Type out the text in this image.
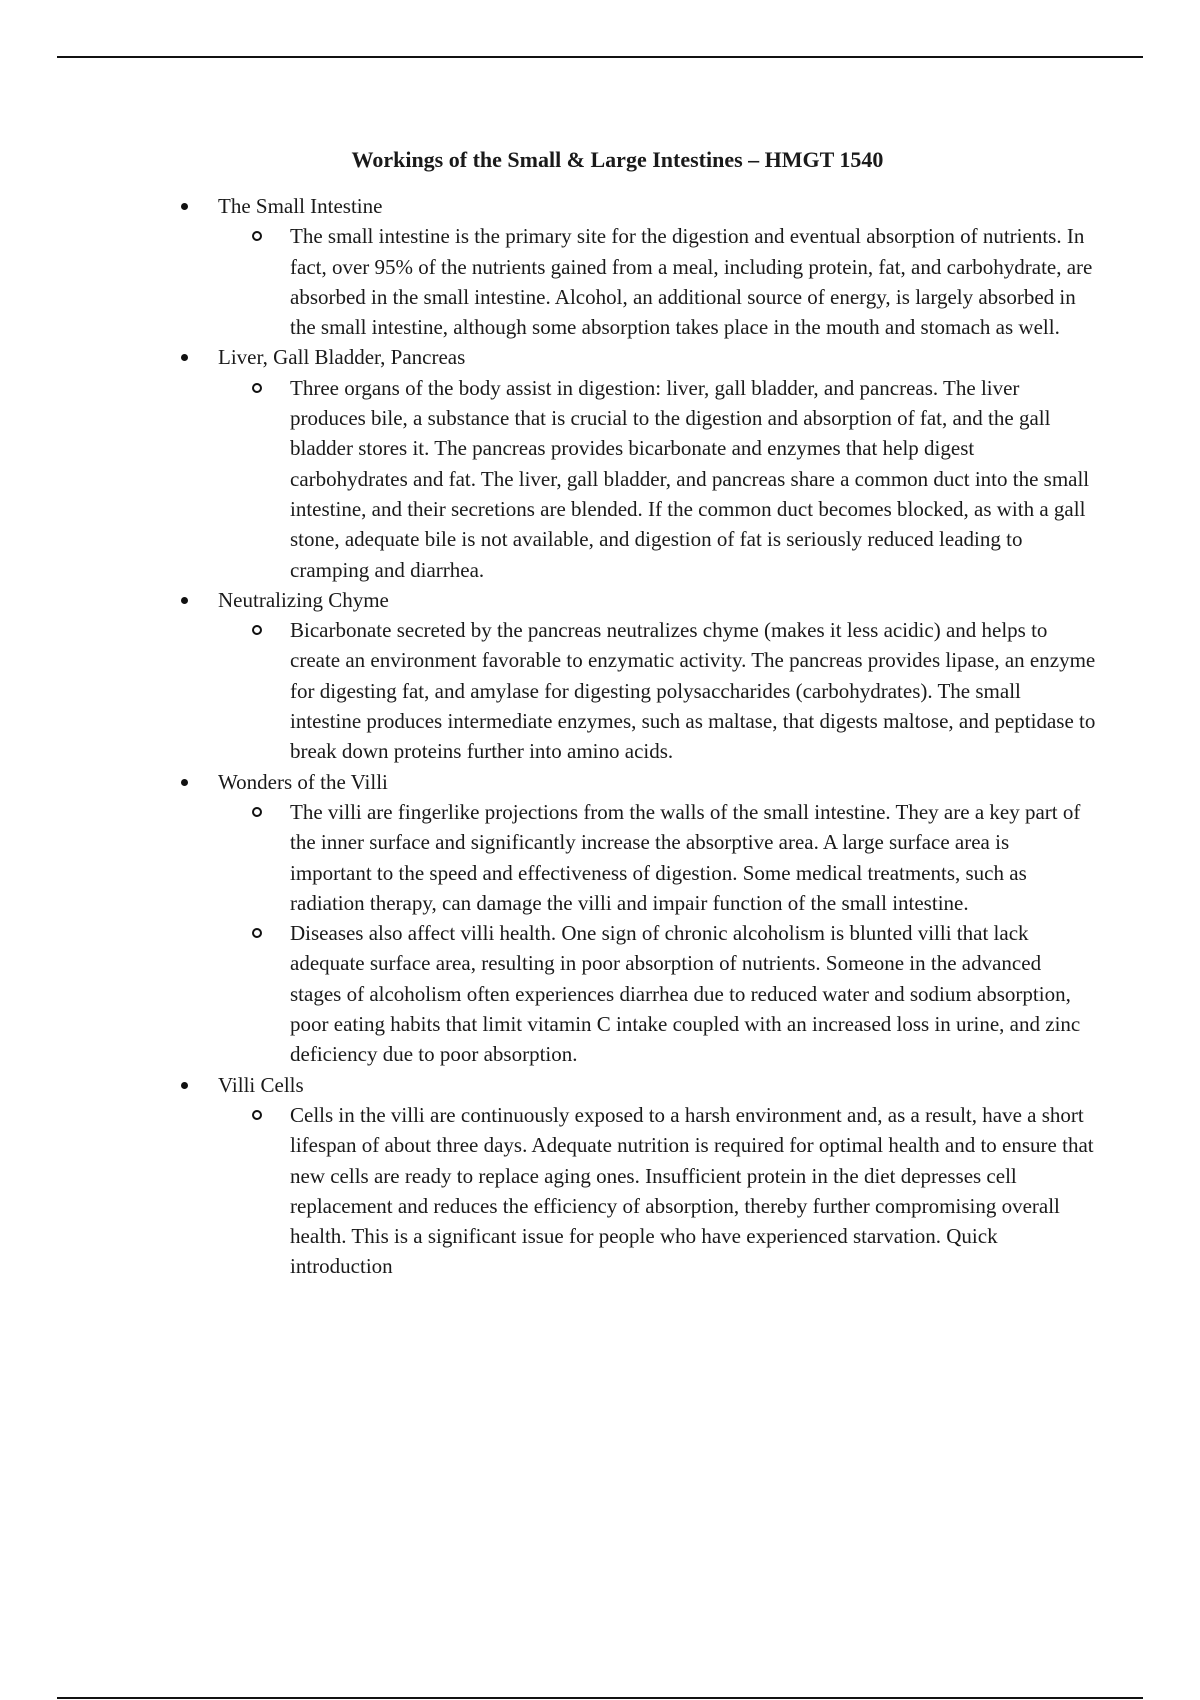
Workings of the Small & Large Intestines – HMGT 1540
The Small Intestine
The small intestine is the primary site for the digestion and eventual absorption of nutrients. In fact, over 95% of the nutrients gained from a meal, including protein, fat, and carbohydrate, are absorbed in the small intestine. Alcohol, an additional source of energy, is largely absorbed in the small intestine, although some absorption takes place in the mouth and stomach as well.
Liver, Gall Bladder, Pancreas
Three organs of the body assist in digestion: liver, gall bladder, and pancreas. The liver produces bile, a substance that is crucial to the digestion and absorption of fat, and the gall bladder stores it. The pancreas provides bicarbonate and enzymes that help digest carbohydrates and fat. The liver, gall bladder, and pancreas share a common duct into the small intestine, and their secretions are blended. If the common duct becomes blocked, as with a gall stone, adequate bile is not available, and digestion of fat is seriously reduced leading to cramping and diarrhea.
Neutralizing Chyme
Bicarbonate secreted by the pancreas neutralizes chyme (makes it less acidic) and helps to create an environment favorable to enzymatic activity. The pancreas provides lipase, an enzyme for digesting fat, and amylase for digesting polysaccharides (carbohydrates). The small intestine produces intermediate enzymes, such as maltase, that digests maltose, and peptidase to break down proteins further into amino acids.
Wonders of the Villi
The villi are fingerlike projections from the walls of the small intestine. They are a key part of the inner surface and significantly increase the absorptive area. A large surface area is important to the speed and effectiveness of digestion. Some medical treatments, such as radiation therapy, can damage the villi and impair function of the small intestine.
Diseases also affect villi health. One sign of chronic alcoholism is blunted villi that lack adequate surface area, resulting in poor absorption of nutrients. Someone in the advanced stages of alcoholism often experiences diarrhea due to reduced water and sodium absorption, poor eating habits that limit vitamin C intake coupled with an increased loss in urine, and zinc deficiency due to poor absorption.
Villi Cells
Cells in the villi are continuously exposed to a harsh environment and, as a result, have a short lifespan of about three days. Adequate nutrition is required for optimal health and to ensure that new cells are ready to replace aging ones. Insufficient protein in the diet depresses cell replacement and reduces the efficiency of absorption, thereby further compromising overall health. This is a significant issue for people who have experienced starvation. Quick introduction
